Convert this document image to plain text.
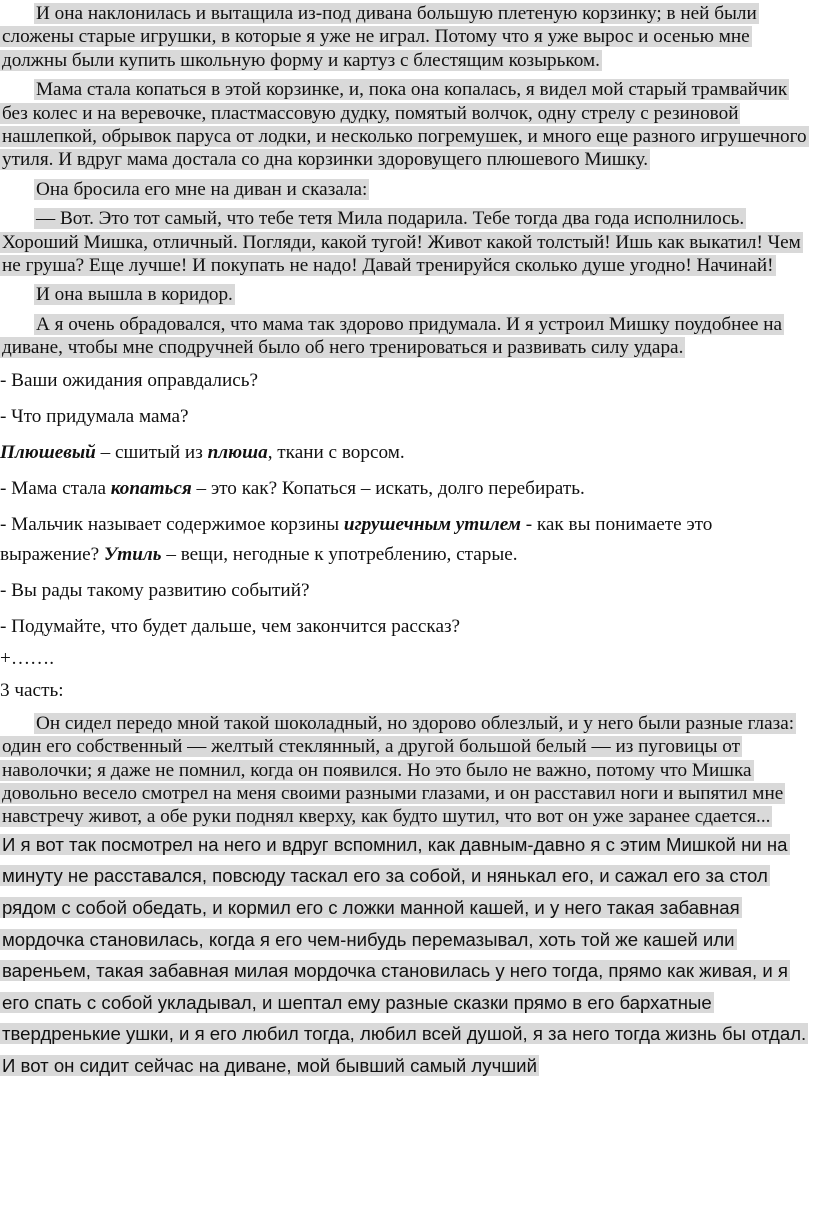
И она наклонилась и вытащила из-под дивана большую плетеную корзинку; в ней были сложены старые игрушки, в которые я уже не играл. Потому что я уже вырос и осенью мне должны были купить школьную форму и картуз с блестящим козырьком.

Мама стала копаться в этой корзинке, и, пока она копалась, я видел мой старый трамвайчик без колес и на веревочке, пластмассовую дудку, помятый волчок, одну стрелу с резиновой нашлепкой, обрывок паруса от лодки, и несколько погремушек, и много еще разного игрушечного утиля. И вдруг мама достала со дна корзинки здоровущего плюшевого Мишку.

Она бросила его мне на диван и сказала:

— Вот. Это тот самый, что тебе тетя Мила подарила. Тебе тогда два года исполнилось. Хороший Мишка, отличный. Погляди, какой тугой! Живот какой толстый! Ишь как выкатил! Чем не груша? Еще лучше! И покупать не надо! Давай тренируйся сколько душе угодно! Начинай!

И она вышла в коридор.

А я очень обрадовался, что мама так здорово придумала. И я устроил Мишку поудобнее на диване, чтобы мне сподручней было об него тренироваться и развивать силу удара.

- Ваши ожидания оправдались?

- Что придумала мама?

Плюшевый – сшитый из плюша, ткани с ворсом.

- Мама стала копаться – это как? Копаться – искать, долго перебирать.

- Мальчик называет содержимое корзины игрушечным утилем - как вы понимаете это выражение? Утиль – вещи, негодные к употреблению, старые.

- Вы рады такому развитию событий?

- Подумайте, что будет дальше, чем закончится рассказ?

+…….

3 часть:

Он сидел передо мной такой шоколадный, но здорово облезлый, и у него были разные глаза: один его собственный — желтый стеклянный, а другой большой белый — из пуговицы от наволочки; я даже не помнил, когда он появился. Но это было не важно, потому что Мишка довольно весело смотрел на меня своими разными глазами, и он расставил ноги и выпятил мне навстречу живот, а обе руки поднял кверху, как будто шутил, что вот он уже заранее сдается...

И я вот так посмотрел на него и вдруг вспомнил, как давным-давно я с этим Мишкой ни на минуту не расставался, повсюду таскал его за собой, и нянькал его, и сажал его за стол рядом с собой обедать, и кормил его с ложки манной кашей, и у него такая забавная мордочка становилась, когда я его чем-нибудь перемазывал, хоть той же кашей или вареньем, такая забавная милая мордочка становилась у него тогда, прямо как живая, и я его спать с собой укладывал, и шептал ему разные сказки прямо в его бархатные твердренькие ушки, и я его любил тогда, любил всей душой, я за него тогда жизнь бы отдал. И вот он сидит сейчас на диване, мой бывший самый лучший
